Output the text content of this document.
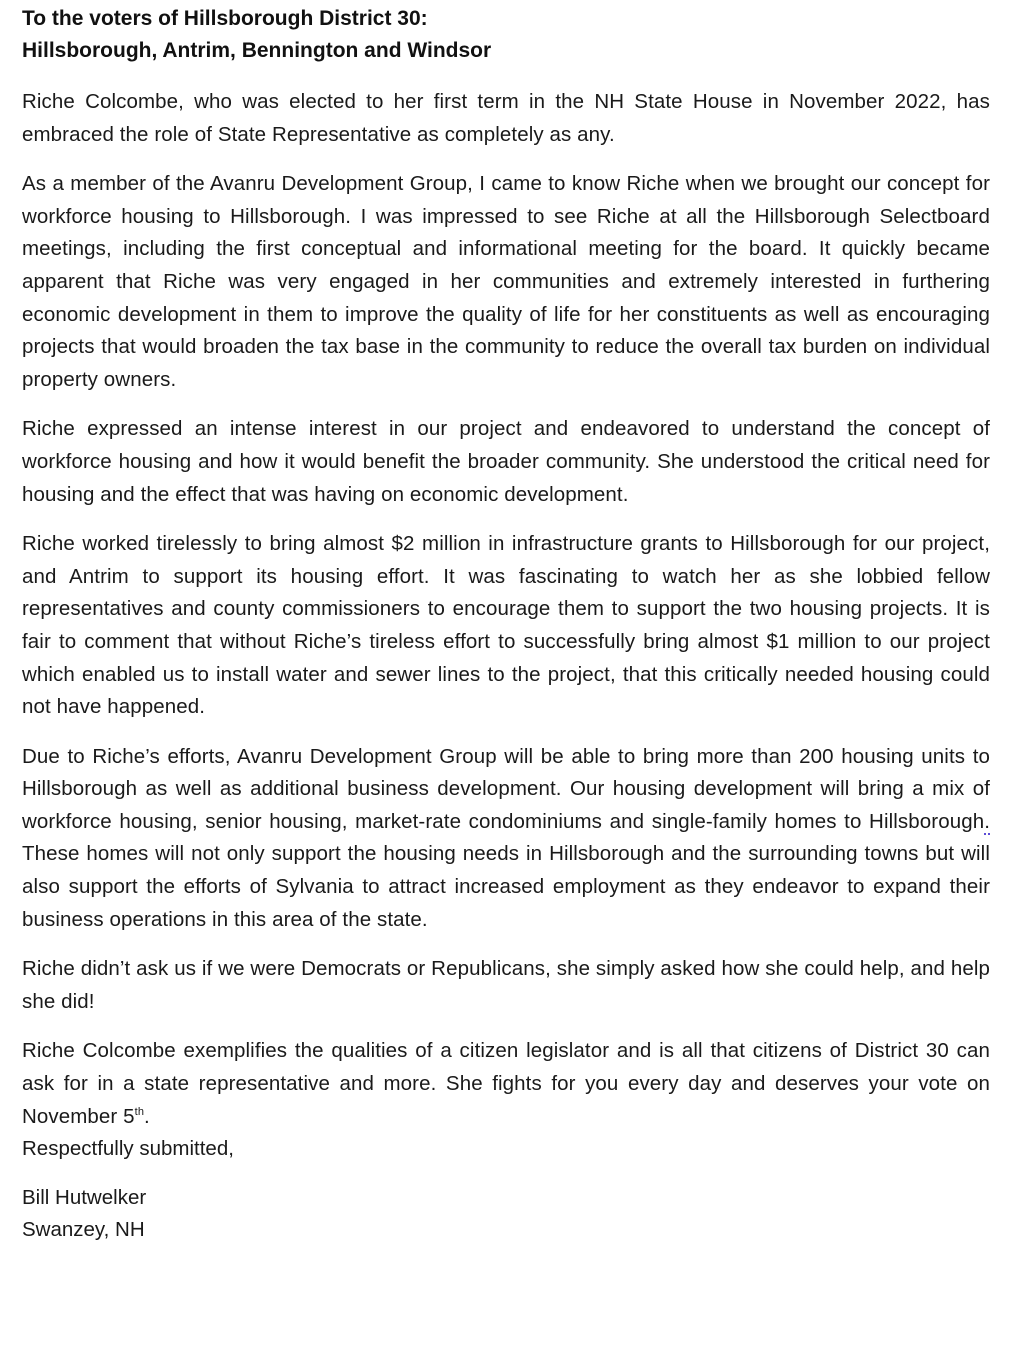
To the voters of Hillsborough District 30:
Hillsborough, Antrim, Bennington and Windsor

Riche Colcombe, who was elected to her first term in the NH State House in November 2022, has embraced the role of State Representative as completely as any.

As a member of the Avanru Development Group, I came to know Riche when we brought our concept for workforce housing to Hillsborough. I was impressed to see Riche at all the Hillsborough Selectboard meetings, including the first conceptual and informational meeting for the board. It quickly became apparent that Riche was very engaged in her communities and extremely interested in furthering economic development in them to improve the quality of life for her constituents as well as encouraging projects that would broaden the tax base in the community to reduce the overall tax burden on individual property owners.

Riche expressed an intense interest in our project and endeavored to understand the concept of workforce housing and how it would benefit the broader community. She understood the critical need for housing and the effect that was having on economic development.

Riche worked tirelessly to bring almost $2 million in infrastructure grants to Hillsborough for our project, and Antrim to support its housing effort. It was fascinating to watch her as she lobbied fellow representatives and county commissioners to encourage them to support the two housing projects. It is fair to comment that without Riche’s tireless effort to successfully bring almost $1 million to our project which enabled us to install water and sewer lines to the project, that this critically needed housing could not have happened.

Due to Riche’s efforts, Avanru Development Group will be able to bring more than 200 housing units to Hillsborough as well as additional business development. Our housing development will bring a mix of workforce housing, senior housing, market-rate condominiums and single-family homes to Hillsborough. These homes will not only support the housing needs in Hillsborough and the surrounding towns but will also support the efforts of Sylvania to attract increased employment as they endeavor to expand their business operations in this area of the state.

Riche didn’t ask us if we were Democrats or Republicans, she simply asked how she could help, and help she did!

Riche Colcombe exemplifies the qualities of a citizen legislator and is all that citizens of District 30 can ask for in a state representative and more. She fights for you every day and deserves your vote on November 5th.

Respectfully submitted,

Bill Hutwelker

Swanzey, NH
